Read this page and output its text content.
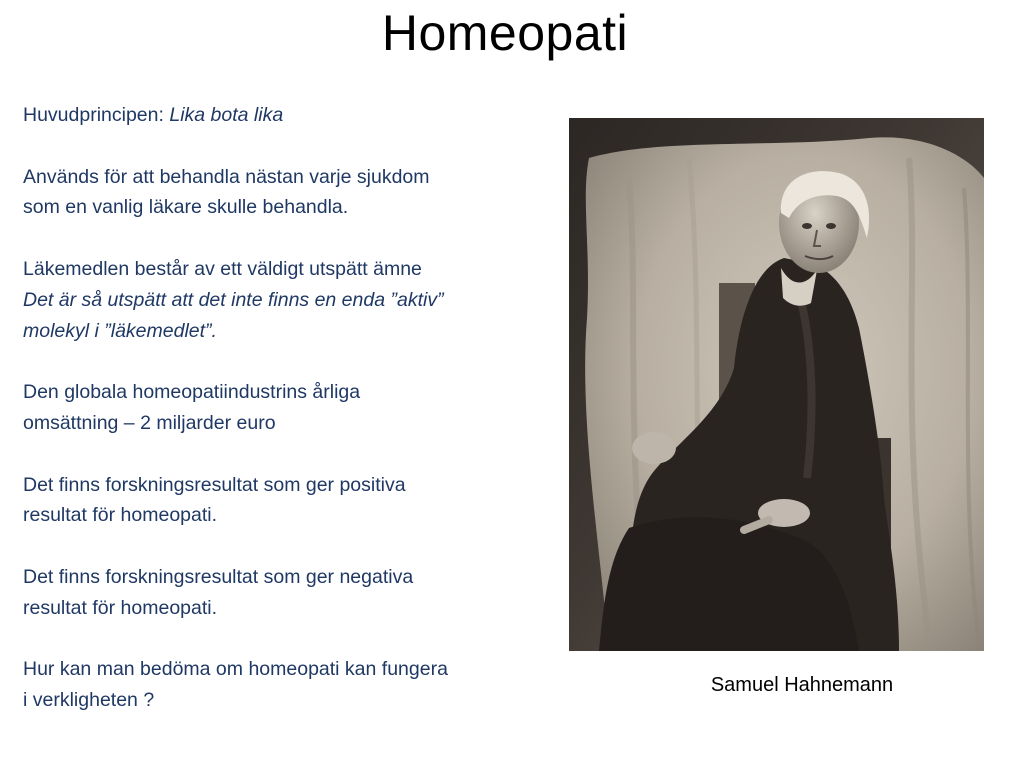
Homeopati

Huvudprincipen: Lika bota lika

Används för att behandla nästan varje sjukdom
som en vanlig läkare skulle behandla.

Läkemedlen består av ett väldigt utspätt ämne
Det är så utspätt att det inte finns en enda ”aktiv”
molekyl i ”läkemedlet”.

Den globala homeopatiindustrins årliga
omsättning – 2 miljarder euro

Det finns forskningsresultat som ger positiva
resultat för homeopati.

Det finns forskningsresultat som ger negativa
resultat för homeopati.

Hur kan man bedöma om homeopati kan fungera
i verkligheten ?

Samuel Hahnemann
